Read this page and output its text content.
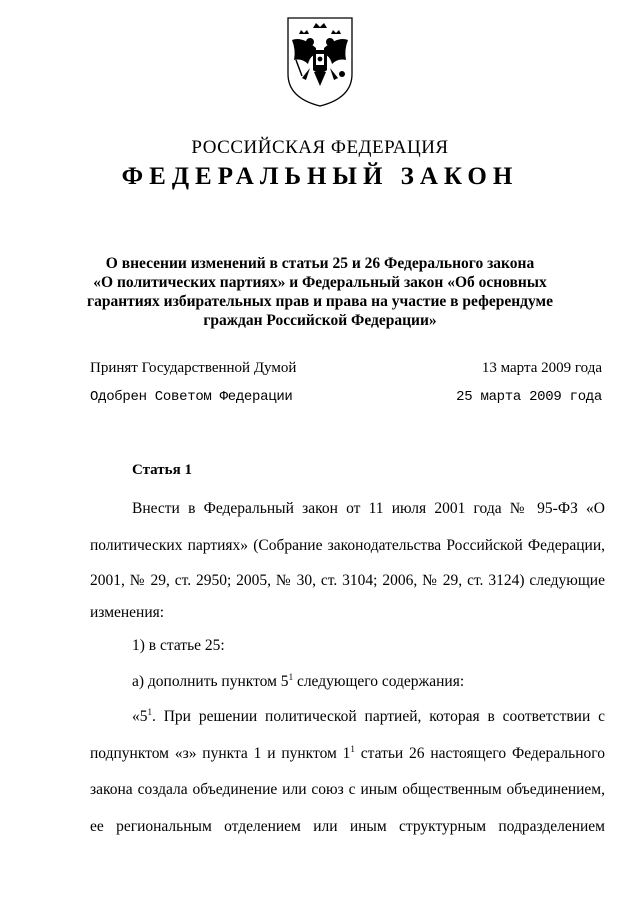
РОССИЙСКАЯ ФЕДЕРАЦИЯ
ФЕДЕРАЛЬНЫЙ ЗАКОН
О внесении изменений в статьи 25 и 26 Федерального закона
«О политических партиях» и Федеральный закон «Об основных
гарантиях избирательных прав и права на участие в референдуме
граждан Российской Федерации»
Принят Государственной Думой	13 марта 2009 года
Одобрен Советом Федерации	25 марта 2009 года
Статья 1
Внести в Федеральный закон от 11 июля 2001 года № 95-ФЗ «О
политических партиях» (Собрание законодательства Российской Федерации,
2001, № 29, ст. 2950; 2005, № 30, ст. 3104; 2006, № 29, ст. 3124) следующие
изменения:
1) в статье 25:
а) дополнить пунктом $5^1$ следующего содержания:
«$5^1$. При решении политической партией, которая в соответствии с
подпунктом «з» пункта 1 и пунктом $1^1$ статьи 26 настоящего Федерального
закона создала объединение или союз с иным общественным объединением,
ее региональным отделением или иным структурным подразделением
